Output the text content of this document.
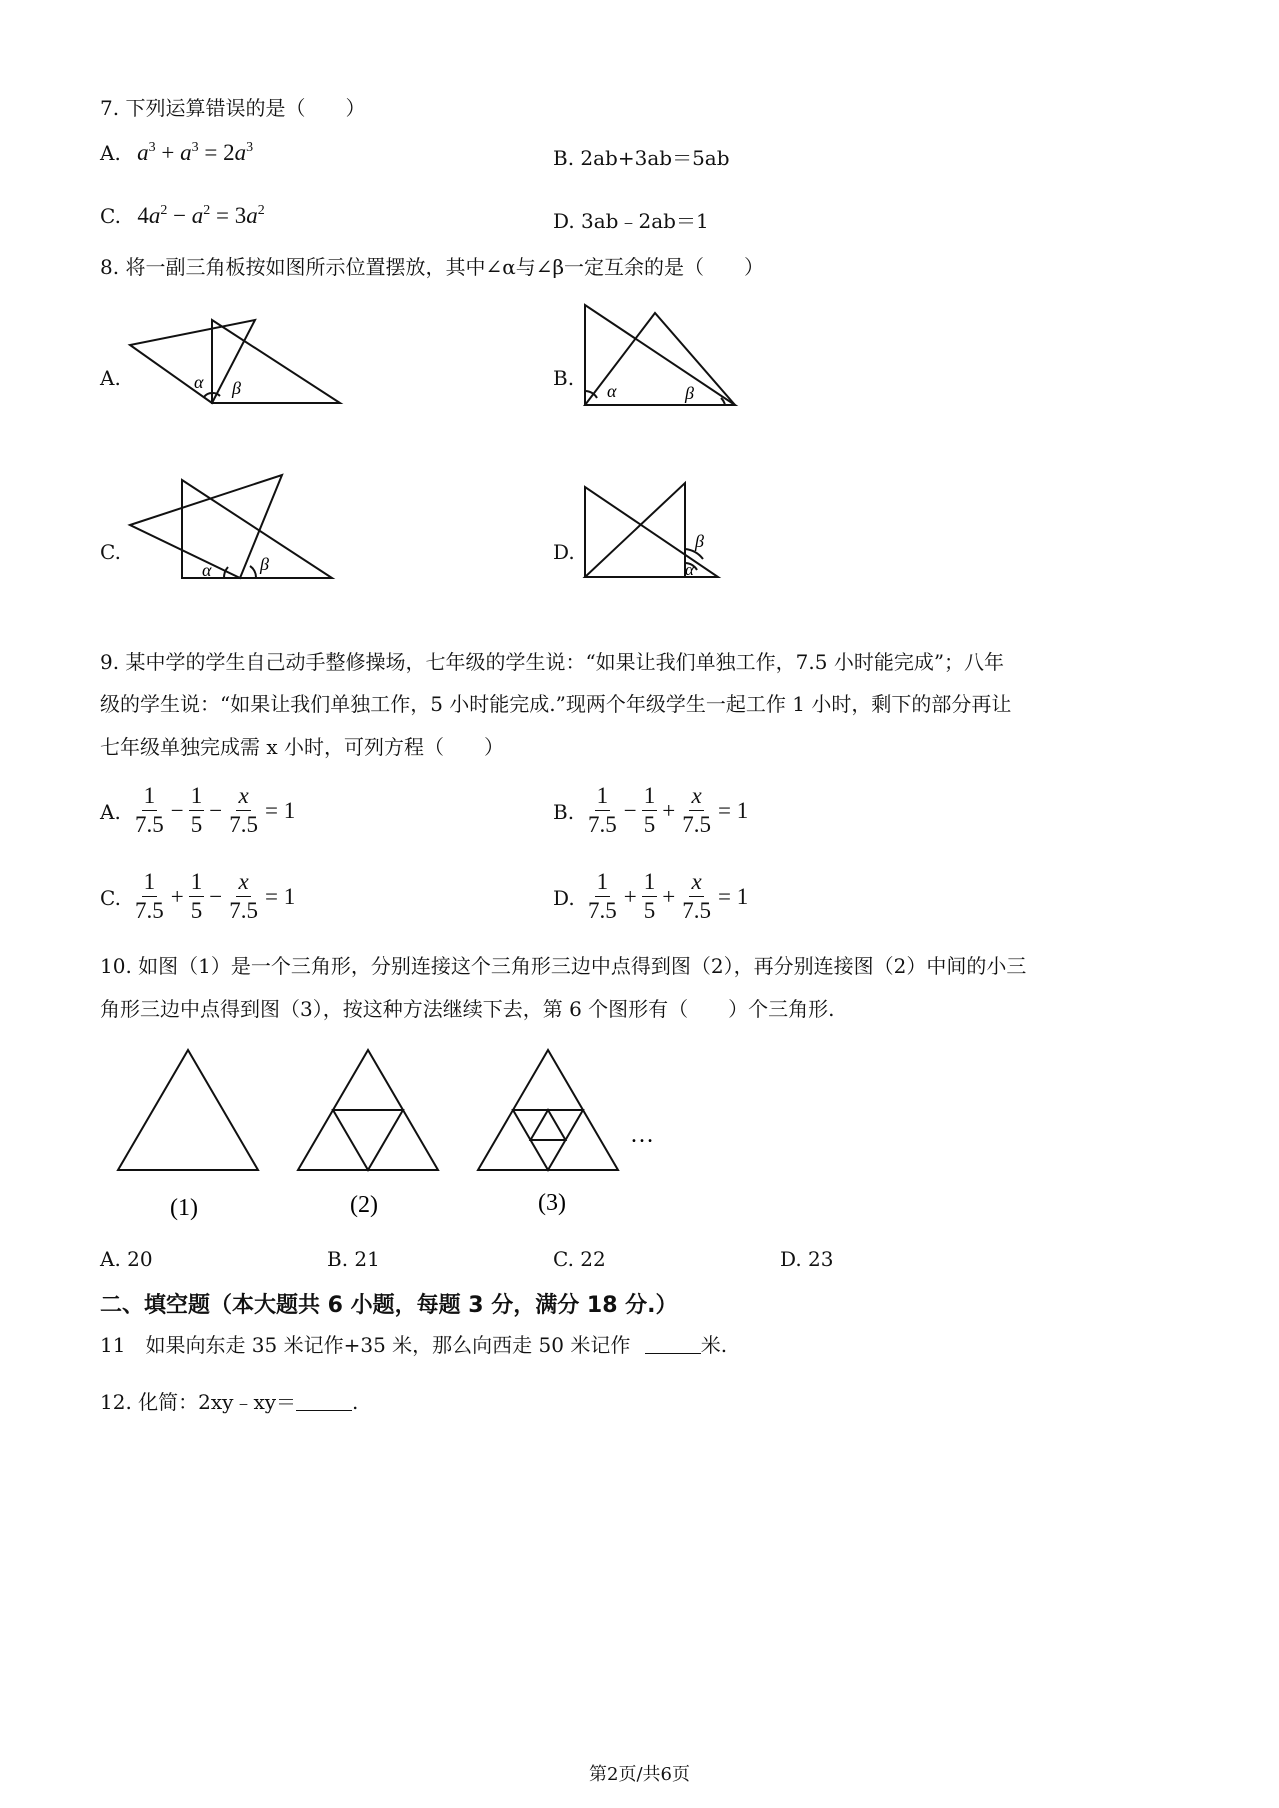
7. 下列运算错误的是（　　）
A. $a^3 + a^3 = 2a^3$	B. 2ab+3ab＝5ab
C. $4a^2 - a^2 = 3a^2$	D. 3ab﹣2ab＝1
8. 将一副三角板按如图所示位置摆放，其中∠α与∠β一定互余的是（　　）
A.	α β	B.
α	β
C.
α	β	D.
α
β
9. 某中学的学生自己动手整修操场，七年级的学生说：“如果让我们单独工作，7.5 小时能完成”；八年
级的学生说：“如果让我们单独工作，5 小时能完成.”现两个年级学生一起工作 1 小时，剩下的部分再让
七年级单独完成需 x 小时，可列方程（　　）
A. $\frac{1}{7.5} - \frac{1}{5} - \frac{x}{7.5} = 1$	B. $\frac{1}{7.5} - \frac{1}{5} + \frac{x}{7.5} = 1$
C. $\frac{1}{7.5} + \frac{1}{5} - \frac{x}{7.5} = 1$	D. $\frac{1}{7.5} + \frac{1}{5} + \frac{x}{7.5} = 1$
10. 如图（1）是一个三角形，分别连接这个三角形三边中点得到图（2），再分别连接图（2）中间的小三
角形三边中点得到图（3），按这种方法继续下去，第 6 个图形有（　　）个三角形.
…
(1)	(2)	(3)
A. 20	B. 21	C. 22	D. 23
二、填空题（本大题共 6 小题，每题 3 分，满分 18 分.）
11　如果向东走 35 米记作+35 米，那么向西走 50 米记作	米.
12. 化简：2xy﹣xy＝	.
第2页/共6页
